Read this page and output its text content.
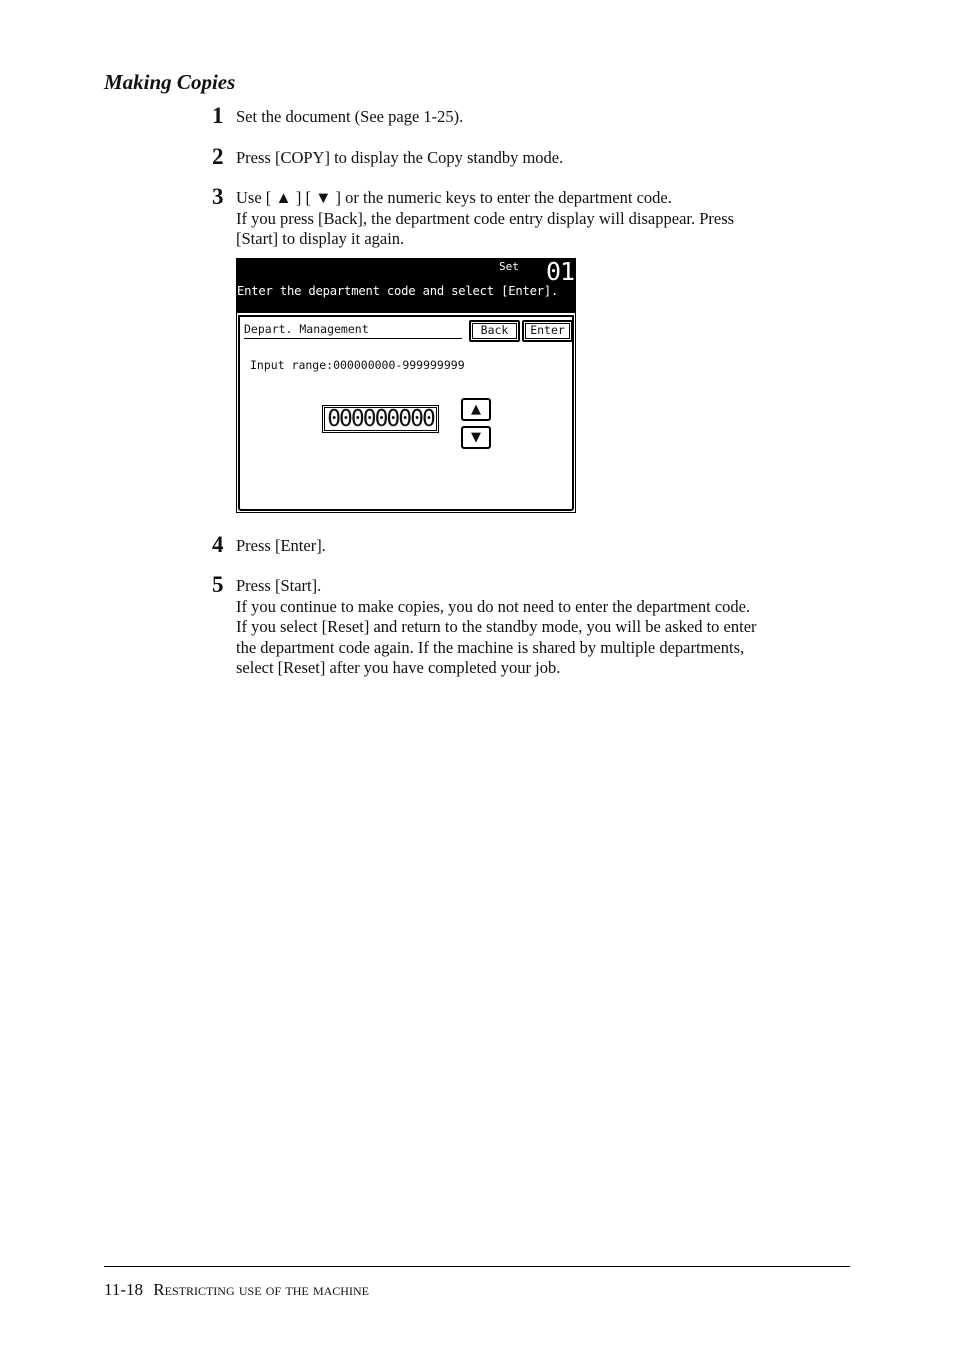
Making Copies
1 Set the document (See page 1-25).
2 Press [COPY] to display the Copy standby mode.
3 Use [ ▲ ] [ ▼ ] or the numeric keys to enter the department code.
If you press [Back], the department code entry display will disappear. Press
[Start] to display it again.
Set 01
Enter the department code and select [Enter].
Depart. Management	Back	Enter
Input range:000000000-999999999
000000000	▲
▼
4 Press [Enter].
5 Press [Start].
If you continue to make copies, you do not need to enter the department code.
If you select [Reset] and return to the standby mode, you will be asked to enter
the department code again. If the machine is shared by multiple departments,
select [Reset] after you have completed your job.
11-18 Restricting use of the machine
